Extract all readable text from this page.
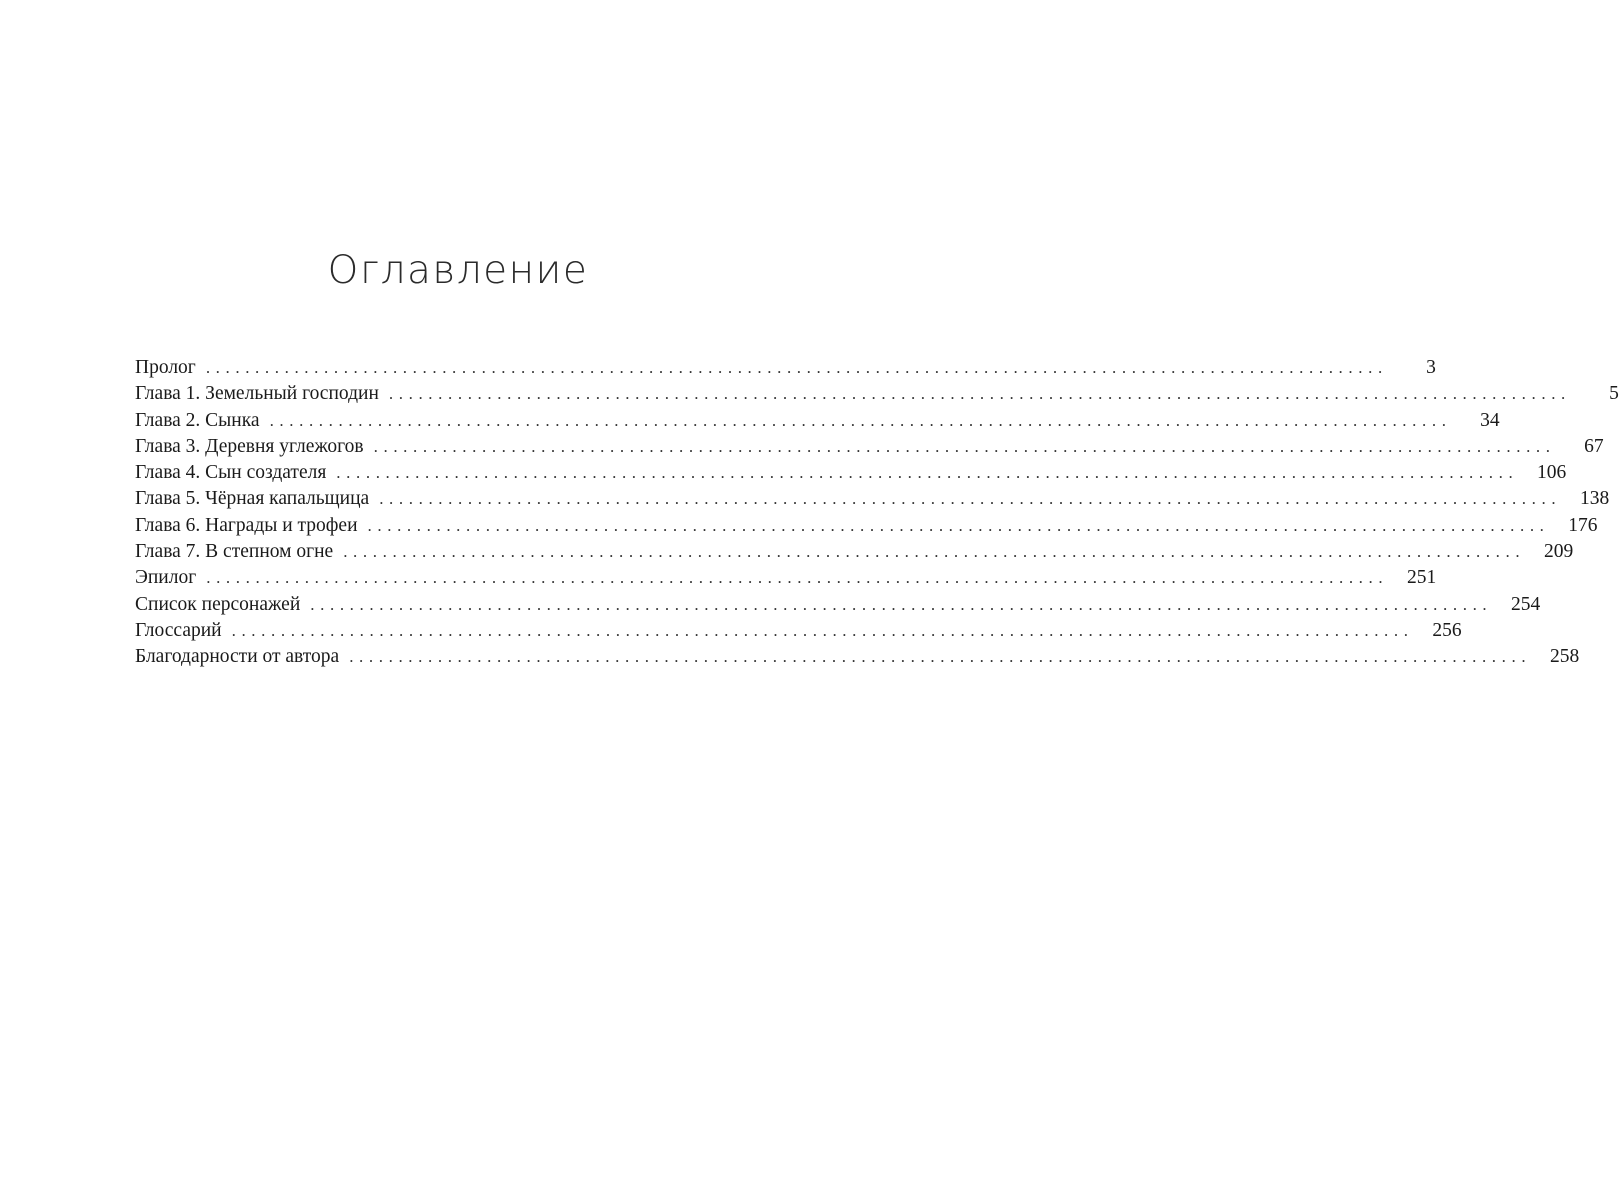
Оглавление
Пролог ........................................................................................................................	3
Глава 1. Земельный господин ........................................................................................................................	5
Глава 2. Сынка ........................................................................................................................	34
Глава 3. Деревня углежогов ........................................................................................................................	67
Глава 4. Сын создателя ........................................................................................................................ 106
Глава 5. Чёрная капальщица ........................................................................................................................ 138
Глава 6. Награды и трофеи ........................................................................................................................ 176
Глава 7. В степном огне ........................................................................................................................ 209
Эпилог ........................................................................................................................ 251
Список персонажей ........................................................................................................................ 254
Глоссарий ........................................................................................................................ 256
Благодарности от автора ........................................................................................................................ 258
